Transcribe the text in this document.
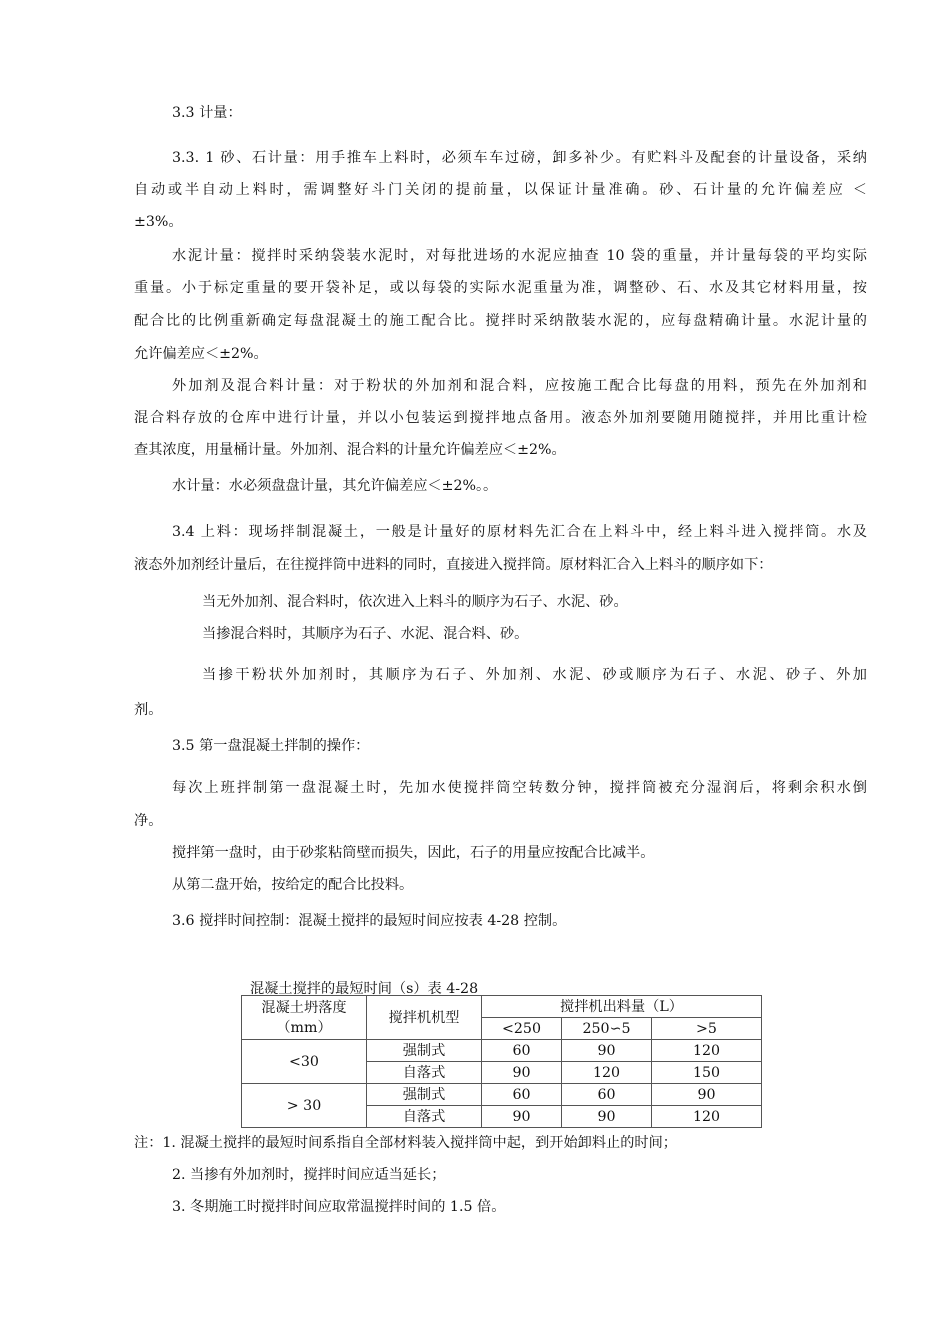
3.3 计量：
3.3. 1 砂、石计量：用手推车上料时，必须车车过磅，卸多补少。有贮料斗及配套的计量设备，采纳
自动或半自动上料时，需调整好斗门关闭的提前量，以保证计量准确。砂、石计量的允许偏差应 ＜
±3%。
水泥计量：搅拌时采纳袋装水泥时，对每批进场的水泥应抽查 10 袋的重量，并计量每袋的平均实际
重量。小于标定重量的要开袋补足，或以每袋的实际水泥重量为准，调整砂、石、水及其它材料用量，按
配合比的比例重新确定每盘混凝土的施工配合比。搅拌时采纳散装水泥的，应每盘精确计量。水泥计量的
允许偏差应＜±2%。
外加剂及混合料计量：对于粉状的外加剂和混合料，应按施工配合比每盘的用料，预先在外加剂和
混合料存放的仓库中进行计量，并以小包装运到搅拌地点备用。液态外加剂要随用随搅拌，并用比重计检
查其浓度，用量桶计量。外加剂、混合料的计量允许偏差应＜±2%。
水计量：水必须盘盘计量，其允许偏差应＜±2%。。
3.4 上料：现场拌制混凝土，一般是计量好的原材料先汇合在上料斗中，经上料斗进入搅拌筒。水及
液态外加剂经计量后，在往搅拌筒中进料的同时，直接进入搅拌筒。原材料汇合入上料斗的顺序如下：
当无外加剂、混合料时，依次进入上料斗的顺序为石子、水泥、砂。
当掺混合料时，其顺序为石子、水泥、混合料、砂。
当掺干粉状外加剂时，其顺序为石子、外加剂、水泥、砂或顺序为石子、水泥、砂子、外加
剂。
3.5 第一盘混凝土拌制的操作：
每次上班拌制第一盘混凝土时，先加水使搅拌筒空转数分钟，搅拌筒被充分湿润后，将剩余积水倒
净。
搅拌第一盘时，由于砂浆粘筒壁而损失，因此，石子的用量应按配合比减半。
从第二盘开始，按给定的配合比投料。
3.6 搅拌时间控制：混凝土搅拌的最短时间应按表 4-28 控制。
混凝土搅拌的最短时间（s）表 4-28
混凝土坍落度
（mm）	搅拌机机型	搅拌机出料量（L）		
		<250	250∽5	>5
<30	强制式	60	90	120
	自落式	90	120	150
> 30	强制式	60	60	90
	自落式	90	90	120
注：1. 混凝土搅拌的最短时间系指自全部材料装入搅拌筒中起，到开始卸料止的时间；
2. 当掺有外加剂时，搅拌时间应适当延长；
3. 冬期施工时搅拌时间应取常温搅拌时间的 1.5 倍。
